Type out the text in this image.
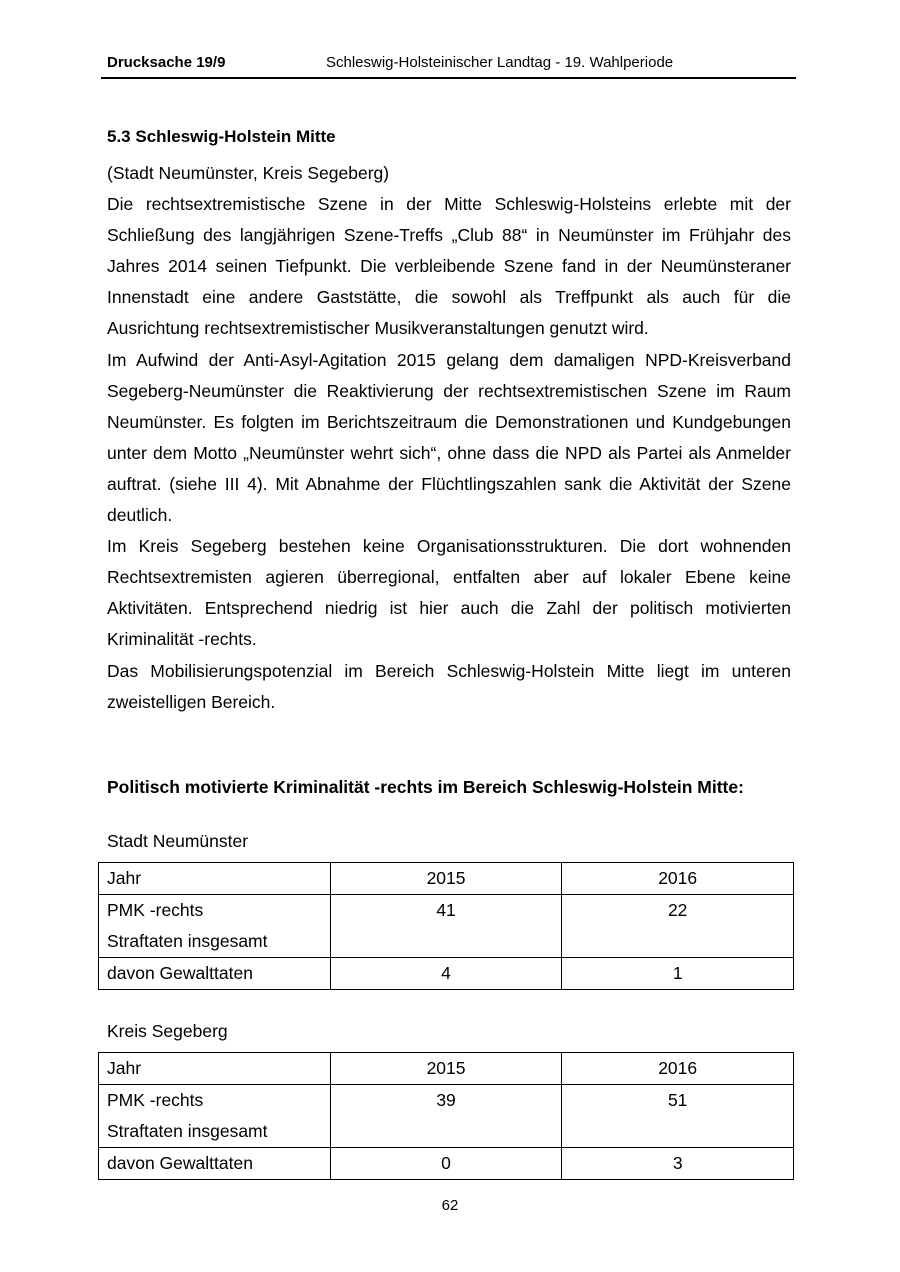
Drucksache 19/9	Schleswig-Holsteinischer Landtag - 19. Wahlperiode

5.3 Schleswig-Holstein Mitte

(Stadt Neumünster, Kreis Segeberg)

Die rechtsextremistische Szene in der Mitte Schleswig-Holsteins erlebte mit der Schließung des langjährigen Szene-Treffs „Club 88“ in Neumünster im Frühjahr des Jahres 2014 seinen Tiefpunkt. Die verbleibende Szene fand in der Neumünsteraner Innenstadt eine andere Gaststätte, die sowohl als Treffpunkt als auch für die Ausrichtung rechtsextremistischer Musikveranstaltungen genutzt wird.

Im Aufwind der Anti-Asyl-Agitation 2015 gelang dem damaligen NPD-Kreisverband Segeberg-Neumünster die Reaktivierung der rechtsextremistischen Szene im Raum Neumünster. Es folgten im Berichtszeitraum die Demonstrationen und Kundgebungen unter dem Motto „Neumünster wehrt sich“, ohne dass die NPD als Partei als Anmelder auftrat. (siehe III 4). Mit Abnahme der Flüchtlingszahlen sank die Aktivität der Szene deutlich.

Im Kreis Segeberg bestehen keine Organisationsstrukturen. Die dort wohnenden Rechtsextremisten agieren überregional, entfalten aber auf lokaler Ebene keine Aktivitäten. Entsprechend niedrig ist hier auch die Zahl der politisch motivierten Kriminalität -rechts.

Das Mobilisierungspotenzial im Bereich Schleswig-Holstein Mitte liegt im unteren zweistelligen Bereich.

Politisch motivierte Kriminalität -rechts im Bereich Schleswig-Holstein Mitte:
Stadt Neumünster
Jahr	2015	2016

PMK -rechts
Straftaten insgesamt	41	22
davon Gewalttaten	4	1
Kreis Segeberg
Jahr	2015	2016

PMK -rechts
Straftaten insgesamt	39	51
davon Gewalttaten	0	3
62
